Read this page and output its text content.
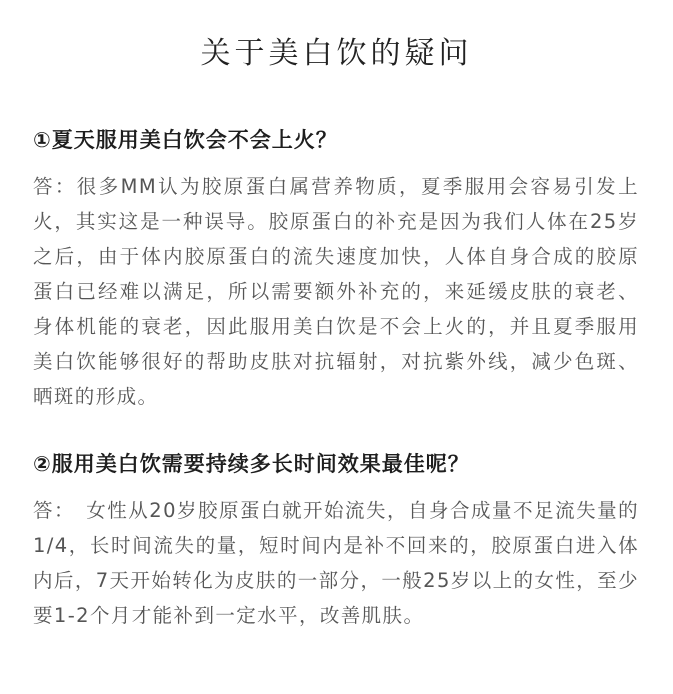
关于美白饮的疑问
①夏天服用美白饮会不会上火？
答：很多MM认为胶原蛋白属营养物质，夏季服用会容易引发上火，其实这是一种误导。胶原蛋白的补充是因为我们人体在25岁之后，由于体内胶原蛋白的流失速度加快，人体自身合成的胶原蛋白已经难以满足，所以需要额外补充的，来延缓皮肤的衰老、身体机能的衰老，因此服用美白饮是不会上火的，并且夏季服用美白饮能够很好的帮助皮肤对抗辐射，对抗紫外线，减少色斑、晒斑的形成。
②服用美白饮需要持续多长时间效果最佳呢？
答：　女性从20岁胶原蛋白就开始流失，自身合成量不足流失量的1/4，长时间流失的量，短时间内是补不回来的，胶原蛋白进入体内后，7天开始转化为皮肤的一部分，一般25岁以上的女性，至少要1-2个月才能补到一定水平，改善肌肤。
